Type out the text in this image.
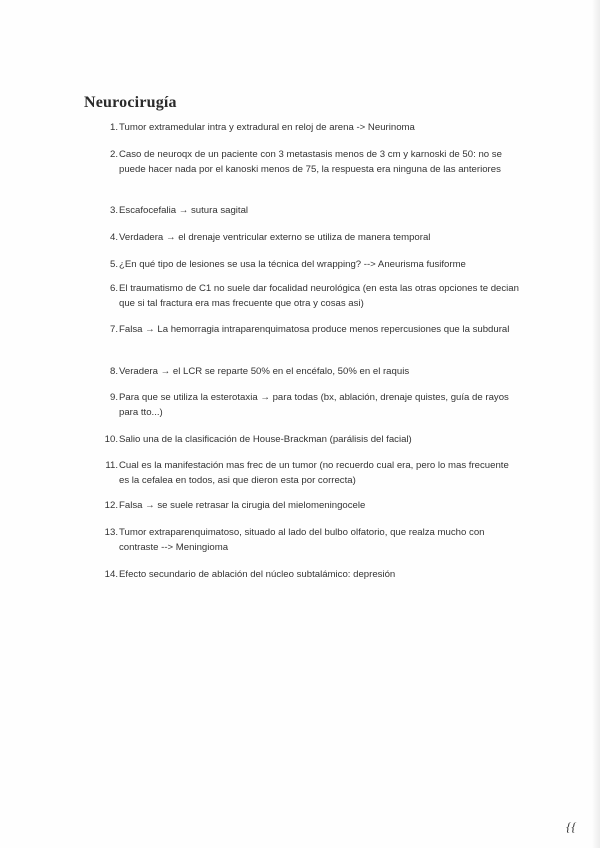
Neurocirugía
1. Tumor extramedular intra y extradural en reloj de arena -> Neurinoma
2. Caso de neuroqx de un paciente con 3 metastasis menos de 3 cm y karnoski de 50: no se puede hacer nada por el kanoski menos de 75, la respuesta era ninguna de las anteriores
3. Escafocefalia → sutura sagital
4. Verdadera → el drenaje ventricular externo se utiliza de manera temporal
5. ¿En qué tipo de lesiones se usa la técnica del wrapping? --> Aneurisma fusiforme
6. El traumatismo de C1 no suele dar focalidad neurológica (en esta las otras opciones te decian que si tal fractura era mas frecuente que otra y cosas asi)
7. Falsa → La hemorragia intraparenquimatosa produce menos repercusiones que la subdural
8. Veradera → el LCR se reparte 50% en el encéfalo, 50% en el raquis
9. Para que se utiliza la esterotaxia → para todas (bx, ablación, drenaje quistes, guía de rayos para tto...)
10. Salio una de la clasificación de House-Brackman (parálisis del facial)
11. Cual es la manifestación mas frec de un tumor (no recuerdo cual era, pero lo mas frecuente es la cefalea en todos, asi que dieron esta por correcta)
12. Falsa → se suele retrasar la cirugia del mielomeningocele
13. Tumor extraparenquimatoso, situado al lado del bulbo olfatorio, que realza mucho con contraste --> Meningioma
14. Efecto secundario de ablación del núcleo subtalámico: depresión
{{
